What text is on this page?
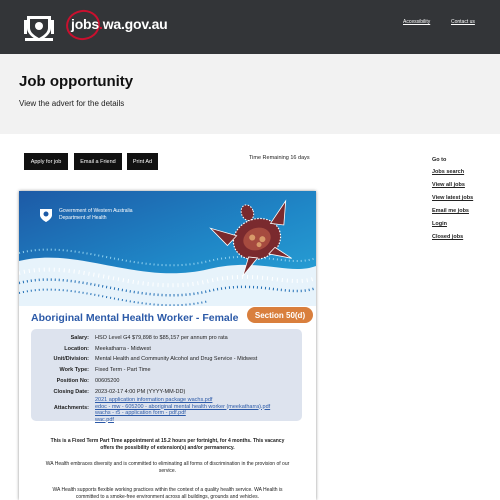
jobs.wa.gov.au	Accessibility	Contact us
Job opportunity

View the advert for the details

Apply for job	Email a Friend	Print Ad
Time Remaining 16 days	Go to
Jobs search
View all jobs
View latest jobs
Email me jobs
Login
Closed jobs
Government of Western Australia
Department of Health
Section 50(d)
Aboriginal Mental Health Worker - Female
Salary: HSO Level G4 $79,898 to $85,157 per annum pro rata
Location: Meekatharra - Midwest
Unit/Division: Mental Health and Community Alcohol and Drug Service - Midwest
Work Type: Fixed Term - Part Time
Position No: 00605200
Closing Date: 2023-02-17 4:00 PM (YYYY-MM-DD)
Attachments:
2021 application information package wachs.pdf
edoc - mw - 605200 - aboriginal mental health worker (meekatharra).pdf
wachs - r5 - application form - pdf.pdf
wac.pdf
This is a Fixed Term Part Time appointment at 15.2 hours per fortnight, for 4 months. This vacancy
offers the possibility of extension(s) and/or permanency.
WA Health embraces diversity and is committed to eliminating all forms of discrimination in the provision of our
service.
WA Health supports flexible working practices within the context of a quality health service. WA Health is
committed to a smoke-free environment across all buildings, grounds and vehicles.
